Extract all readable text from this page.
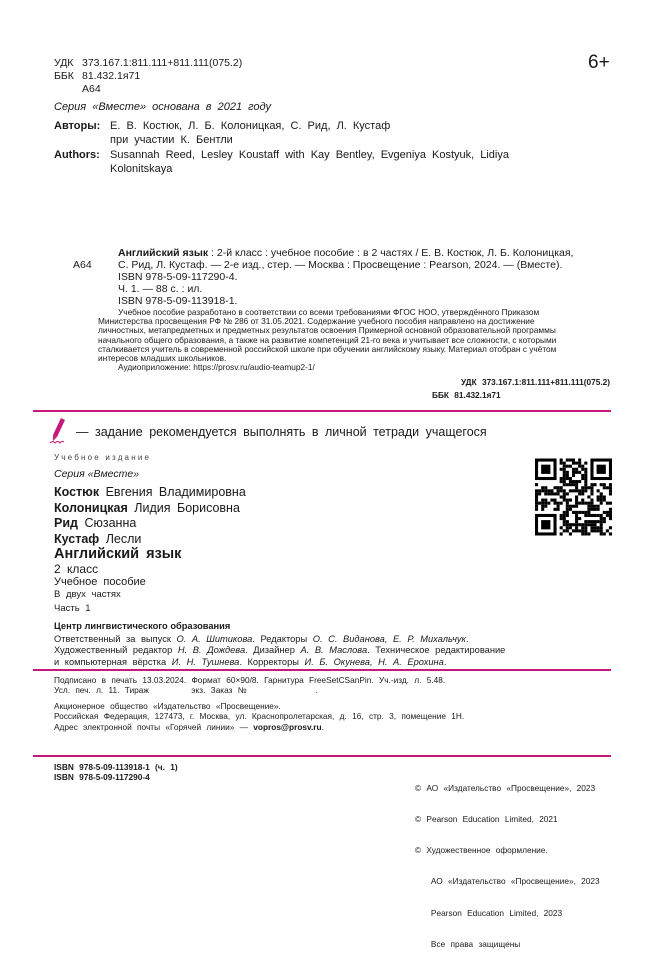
УДК 373.167.1:811.111+811.111(075.2)
ББК 81.432.1я71
А64
6+
Серия «Вместе» основана в 2021 году
Авторы: Е. В. Костюк, Л. Б. Колоницкая, С. Рид, Л. Кустаф
при участии К. Бентли
Authors: Susannah Reed, Lesley Koustaff with Kay Bentley, Evgeniya Kostyuk, Lidiya
Kolonitskaya
Английский язык : 2-й класс : учебное пособие : в 2 частях / Е. В. Костюк, Л. Б. Колоницкая,
А64	С. Рид, Л. Кустаф. — 2-е изд., стер. — Москва : Просвещение : Pearson, 2024. — (Вместе).
ISBN 978-5-09-117290-4.
Ч. 1. — 88 с. : ил.
ISBN 978-5-09-113918-1.
Учебное пособие разработано в соответствии со всеми требованиями ФГОС НОО, утверждённого Приказом
Министерства просвещения РФ № 286 от 31.05.2021. Содержание учебного пособия направлено на достижение
личностных, метапредметных и предметных результатов освоения Примерной основной образовательной программы
начального общего образования, а также на развитие компетенций 21-го века и учитывает все сложности, с которыми
сталкивается учитель в современной российской школе при обучении английскому языку. Материал отобран с учётом
интересов младших школьников.
Аудиоприложение: https://prosv.ru/audio-teamup2-1/
УДК 373.167.1:811.111+811.111(075.2)
ББК 81.432.1я71
— задание рекомендуется выполнять в личной тетради учащегося
Учебное издание
Серия «Вместе»
Костюк Евгения Владимировна
Колоницкая Лидия Борисовна
Рид Сюзанна
Кустаф Лесли
Английский язык
2 класс
Учебное пособие
В двух частях
Часть 1
Центр лингвистического образования
Ответственный за выпуск О. А. Шитикова. Редакторы О. С. Виданова, Е. Р. Михальчук.
Художественный редактор Н. В. Дождева. Дизайнер А. В. Маслова. Техническое редактирование
и компьютерная вёрстка И. Н. Тушнева. Корректоры И. Б. Окунева, Н. А. Ерохина.
Подписано в печать 13.03.2024. Формат 60×90/8. Гарнитура FreeSetCSanPin. Уч.-изд. л. 5.48.
Усл. печ. л. 11. Тираж        экз. Заказ №             .
Акционерное общество «Издательство «Просвещение».
Российская Федерация, 127473, г. Москва, ул. Краснопролетарская, д. 16, стр. 3, помещение 1Н.
Адрес электронной почты «Горячей линии» — vopros@prosv.ru.
ISBN 978-5-09-113918-1 (ч. 1)
ISBN 978-5-09-117290-4

© АО «Издательство «Просвещение», 2023

© Pearson Education Limited, 2021

© Художественное оформление.

АО «Издательство «Просвещение», 2023

Pearson Education Limited, 2023

Все права защищены
